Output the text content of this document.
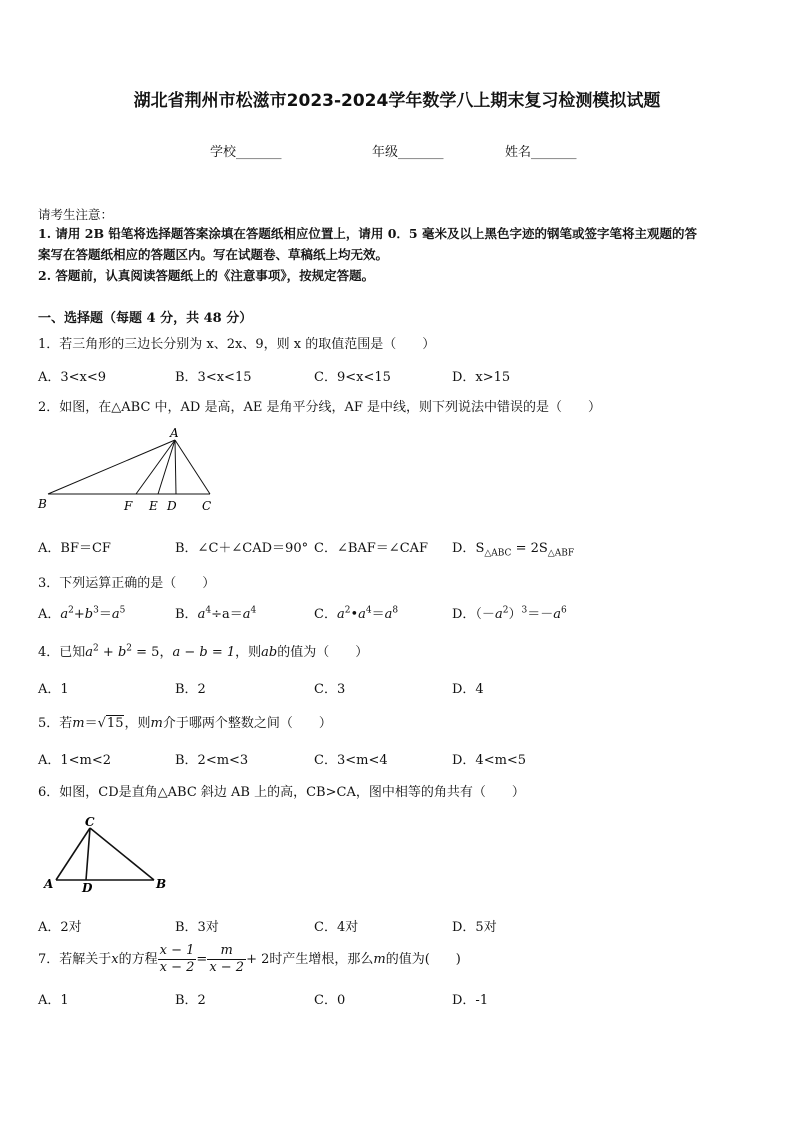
湖北省荆州市松滋市2023-2024学年数学八上期末复习检测模拟试题
学校_______	年级_______	姓名_______
请考生注意：
1. 请用 2B 铅笔将选择题答案涂填在答题纸相应位置上，请用 0．5 毫米及以上黑色字迹的钢笔或签字笔将主观题的答
案写在答题纸相应的答题区内。写在试题卷、草稿纸上均无效。
2. 答题前，认真阅读答题纸上的《注意事项》，按规定答题。
一、选择题（每题 4 分，共 48 分）
1．若三角形的三边长分别为 x、2x、9，则 x 的取值范围是（　　）
A．3<x<9	B．3<x<15	C．9<x<15	D．x>15
2．如图，在△ABC 中，AD 是高，AE 是角平分线，AF 是中线，则下列说法中错误的是（　　）
A
B	F E D C
A．BF＝CF	B．∠C＋∠CAD＝90° C．∠BAF＝∠CAF D．$S_{\triangle ABC} = 2S_{\triangle ABF}$
3．下列运算正确的是（　　）
A．$a^2+b^3=a^5$	B．$a^4\div a=a^4$	C．$a^2•a^4=a^8$	D．$(-a^2)^3=-a^6$
4．已知$a^2 + b^2 = 5$，a − b = 1，则ab的值为（　　）
A．1	B．2	C．3	D．4
5．若m＝√15，则m介于哪两个整数之间（　　）
A．1<m<2	B．2<m<3	C．3<m<4	D．4<m<5
6．如图，CD是直角△ABC 斜边 AB 上的高，CB>CA，图中相等的角共有（　　）
C
A D	B
A．2对	B．3对	C．4对	D．5对
7．若解关于x的方程 $\frac{x - 1}{x - 2} = \frac{m}{x - 2} + 2$时产生增根，那么m的值为(　　)
A．1	B．2	C．0	D．-1
